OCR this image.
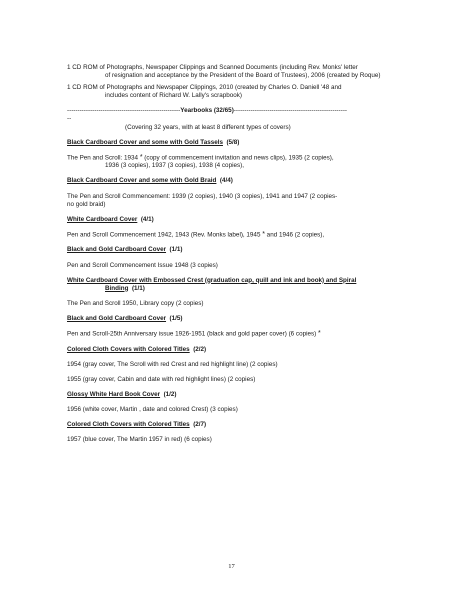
1 CD ROM of Photographs, Newspaper Clippings and Scanned Documents (including Rev. Monks' letter

of resignation and acceptance by the President of the Board of Trustees), 2006 (created by Roque)

1 CD ROM of Photographs and Newspaper Clippings, 2010 (created by Charles O. Daniell '48 and

includes content of Richard W. Lally's scrapbook)

------------------------------------------------------Yearbooks (32/65)------------------------------------------------------

--

(Covering 32 years, with at least 8 different types of covers)

Black Cardboard Cover and some with Gold Tassels (5/8)

The Pen and Scroll: 1934 * (copy of commencement invitation and news clips), 1935 (2 copies),

1936 (3 copies), 1937 (3 copies), 1938 (4 copies),

Black Cardboard Cover and some with Gold Braid (4/4)

The Pen and Scroll Commencement: 1939 (2 copies), 1940 (3 copies), 1941 and 1947 (2 copies-

no gold braid)

White Cardboard Cover (4/1)

Pen and Scroll Commencement 1942, 1943 (Rev. Monks label), 1945 * and 1946 (2 copies),

Black and Gold Cardboard Cover (1/1)

Pen and Scroll Commencement Issue 1948 (3 copies)

White Cardboard Cover with Embossed Crest (graduation cap, quill and ink and book) and Spiral

Binding (1/1)

The Pen and Scroll 1950, Library copy (2 copies)

Black and Gold Cardboard Cover (1/5)

Pen and Scroll-25th Anniversary issue 1926-1951 (black and gold paper cover) (6 copies) *

Colored Cloth Covers with Colored Titles (2/2)

1954 (gray cover, The Scroll with red Crest and red highlight line) (2 copies)

1955 (gray cover, Cabin and date with red highlight lines) (2 copies)

Glossy White Hard Book Cover (1/2)

1956 (white cover, Martin , date and colored Crest) (3 copies)

Colored Cloth Covers with Colored Titles (2/7)

1957 (blue cover, The Martin 1957 in red) (6 copies)

17
